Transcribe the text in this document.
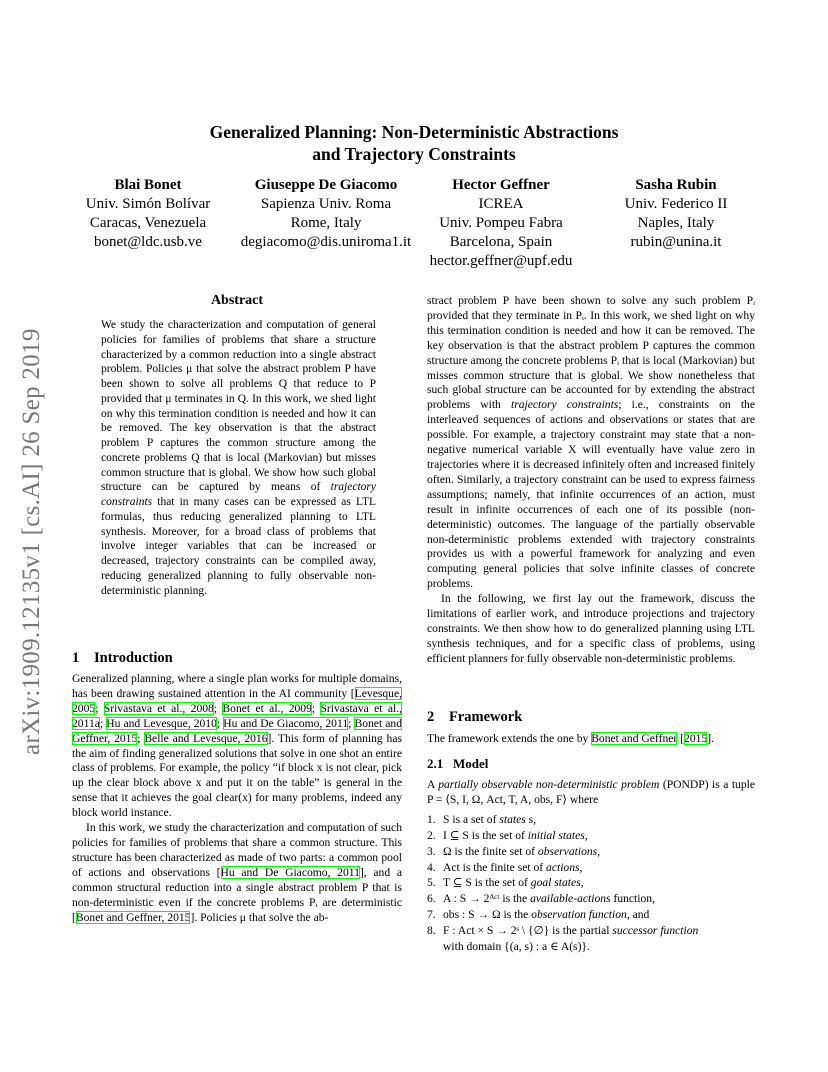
arXiv:1909.12135v1 [cs.AI] 26 Sep 2019
Generalized Planning: Non-Deterministic Abstractions
and Trajectory Constraints
Blai Bonet
Univ. Simón Bolívar
Caracas, Venezuela
bonet@ldc.usb.ve
Giuseppe De Giacomo
Sapienza Univ. Roma
Rome, Italy
degiacomo@dis.uniroma1.it
Hector Geffner
ICREA
Univ. Pompeu Fabra
Barcelona, Spain
hector.geffner@upf.edu
Sasha Rubin
Univ. Federico II
Naples, Italy
rubin@unina.it
Abstract

We study the characterization and computation of general policies for families of problems that share a structure characterized by a common reduction into a single abstract problem. Policies μ that solve the abstract problem P have been shown to solve all problems Q that reduce to P provided that μ terminates in Q. In this work, we shed light on why this termination condition is needed and how it can be removed. The key observation is that the abstract problem P captures the common structure among the concrete problems Q that is local (Markovian) but misses common structure that is global. We show how such global structure can be captured by means of trajectory constraints that in many cases can be expressed as LTL formulas, thus reducing generalized planning to LTL synthesis. Moreover, for a broad class of problems that involve integer variables that can be increased or decreased, trajectory constraints can be compiled away, reducing generalized planning to fully observable non-deterministic planning.

1 Introduction

Generalized planning, where a single plan works for multiple domains, has been drawing sustained attention in the AI community [Levesque, 2005; Srivastava et al., 2008; Bonet et al., 2009; Srivastava et al., 2011a; Hu and Levesque, 2010; Hu and De Giacomo, 2011; Bonet and Geffner, 2015; Belle and Levesque, 2016]. This form of planning has the aim of finding generalized solutions that solve in one shot an entire class of problems. For example, the policy “if block x is not clear, pick up the clear block above x and put it on the table” is general in the sense that it achieves the goal clear(x) for many problems, indeed any block world instance.

In this work, we study the characterization and computation of such policies for families of problems that share a common structure. This structure has been characterized as made of two parts: a common pool of actions and observations [Hu and De Giacomo, 2011], and a common structural reduction into a single abstract problem P that is non-deterministic even if the concrete problems Pᵢ are deterministic [Bonet and Geffner, 2015]. Policies μ that solve the ab-

stract problem P have been shown to solve any such problem Pᵢ provided that they terminate in Pᵢ. In this work, we shed light on why this termination condition is needed and how it can be removed. The key observation is that the abstract problem P captures the common structure among the concrete problems Pᵢ that is local (Markovian) but misses common structure that is global. We show nonetheless that such global structure can be accounted for by extending the abstract problems with trajectory constraints; i.e., constraints on the interleaved sequences of actions and observations or states that are possible. For example, a trajectory constraint may state that a non-negative numerical variable X will eventually have value zero in trajectories where it is decreased infinitely often and increased finitely often. Similarly, a trajectory constraint can be used to express fairness assumptions; namely, that infinite occurrences of an action, must result in infinite occurrences of each one of its possible (non-deterministic) outcomes. The language of the partially observable non-deterministic problems extended with trajectory constraints provides us with a powerful framework for analyzing and even computing general policies that solve infinite classes of concrete problems.

In the following, we first lay out the framework, discuss the limitations of earlier work, and introduce projections and trajectory constraints. We then show how to do generalized planning using LTL synthesis techniques, and for a specific class of problems, using efficient planners for fully observable non-deterministic problems.

2 Framework

The framework extends the one by Bonet and Geffner [2015].

2.1 Model

A partially observable non-deterministic problem (PONDP) is a tuple P = ⟨S, I, Ω, Act, T, A, obs, F⟩ where

1. S is a set of states s,
2. I ⊆ S is the set of initial states,
3. Ω is the finite set of observations,
4. Act is the finite set of actions,
5. T ⊆ S is the set of goal states,
6. A : S → 2ᴬᶜᵗ is the available-actions function,
7. obs : S → Ω is the observation function, and
8. F : Act × S → 2ˢ \ {∅} is the partial successor function
with domain {(a, s) : a ∈ A(s)}.
